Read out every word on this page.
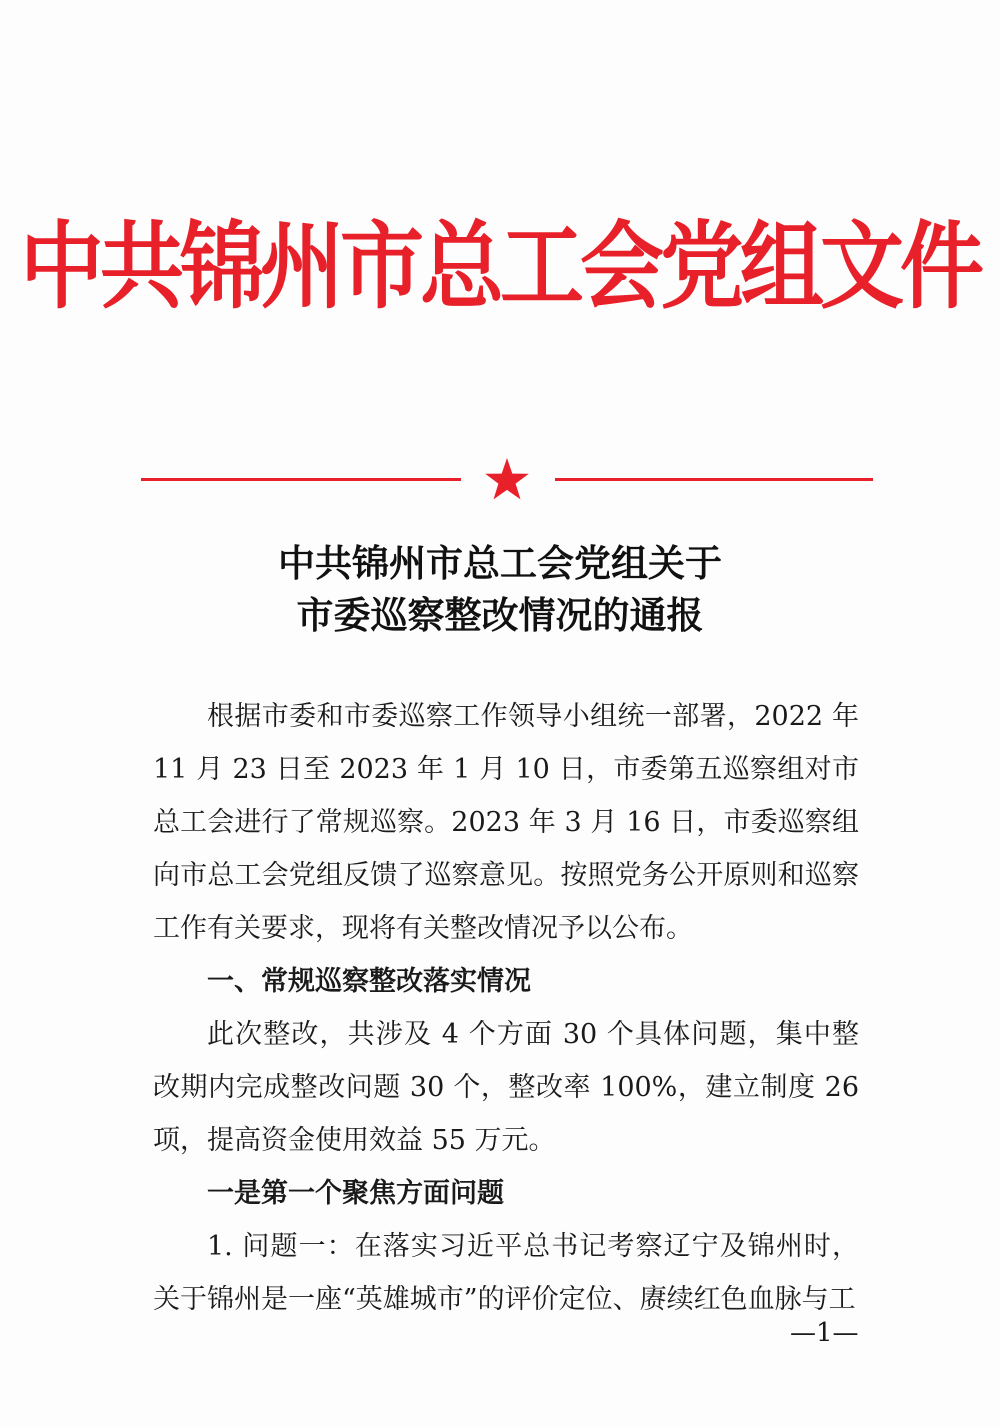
中共锦州市总工会党组文件
中共锦州市总工会党组关于
市委巡察整改情况的通报

根据市委和市委巡察工作领导小组统一部署，2022 年11 月 23 日至 2023 年 1 月 10 日，市委第五巡察组对市总工会进行了常规巡察。2023 年 3 月 16 日，市委巡察组向市总工会党组反馈了巡察意见。按照党务公开原则和巡察工作有关要求，现将有关整改情况予以公布。

一、常规巡察整改落实情况

此次整改，共涉及 4 个方面 30 个具体问题，集中整改期内完成整改问题 30 个，整改率 100%，建立制度 26 项，提高资金使用效益 55 万元。

一是第一个聚焦方面问题

1. 问题一：在落实习近平总书记考察辽宁及锦州时，关于锦州是一座“英雄城市”的评价定位、赓续红色血脉与工

—1—
